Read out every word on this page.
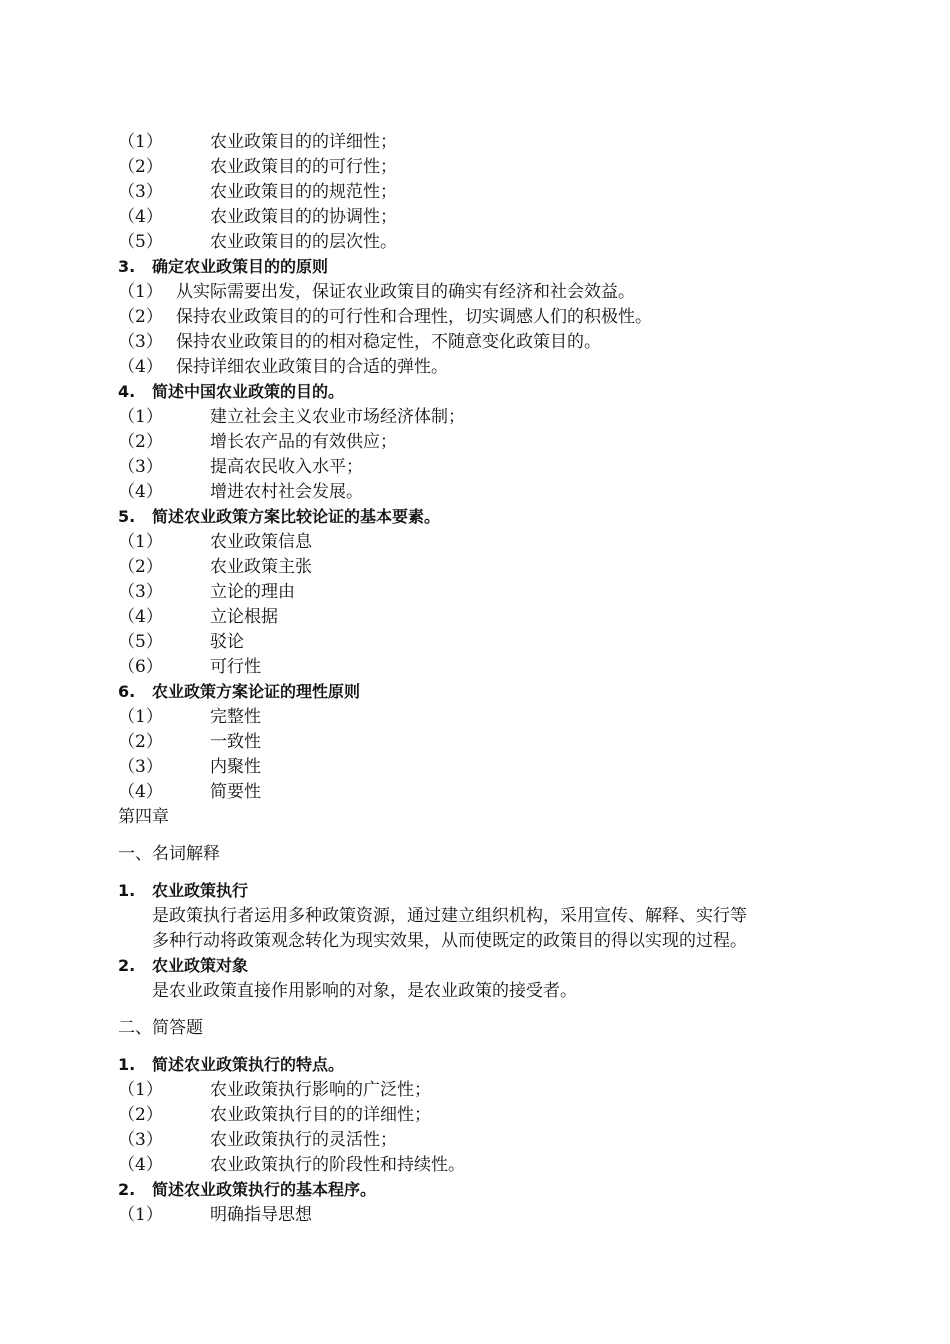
（1）	农业政策目的的详细性；
（2）	农业政策目的的可行性；
（3）	农业政策目的的规范性；
（4）	农业政策目的的协调性；
（5）	农业政策目的的层次性。
3. 确定农业政策目的的原则
（1） 从实际需要出发，保证农业政策目的确实有经济和社会效益。
（2） 保持农业政策目的的可行性和合理性，切实调感人们的积极性。
（3） 保持农业政策目的的相对稳定性，不随意变化政策目的。
（4） 保持详细农业政策目的合适的弹性。
4. 简述中国农业政策的目的。
（1）	建立社会主义农业市场经济体制；
（2）	增长农产品的有效供应；
（3）	提高农民收入水平；
（4）	增进农村社会发展。
5. 简述农业政策方案比较论证的基本要素。
（1）	农业政策信息
（2）	农业政策主张
（3）	立论的理由
（4）	立论根据
（5）	驳论
（6）	可行性
6. 农业政策方案论证的理性原则
（1）	完整性
（2）	一致性
（3）	内聚性
（4）	简要性
第四章
一、名词解释
1. 农业政策执行
是政策执行者运用多种政策资源，通过建立组织机构，采用宣传、解释、实行等
多种行动将政策观念转化为现实效果，从而使既定的政策目的得以实现的过程。
2. 农业政策对象
是农业政策直接作用影响的对象，是农业政策的接受者。
二、简答题
1. 简述农业政策执行的特点。
（1）	农业政策执行影响的广泛性；
（2）	农业政策执行目的的详细性；
（3）	农业政策执行的灵活性；
（4）	农业政策执行的阶段性和持续性。
2. 简述农业政策执行的基本程序。
（1）	明确指导思想
